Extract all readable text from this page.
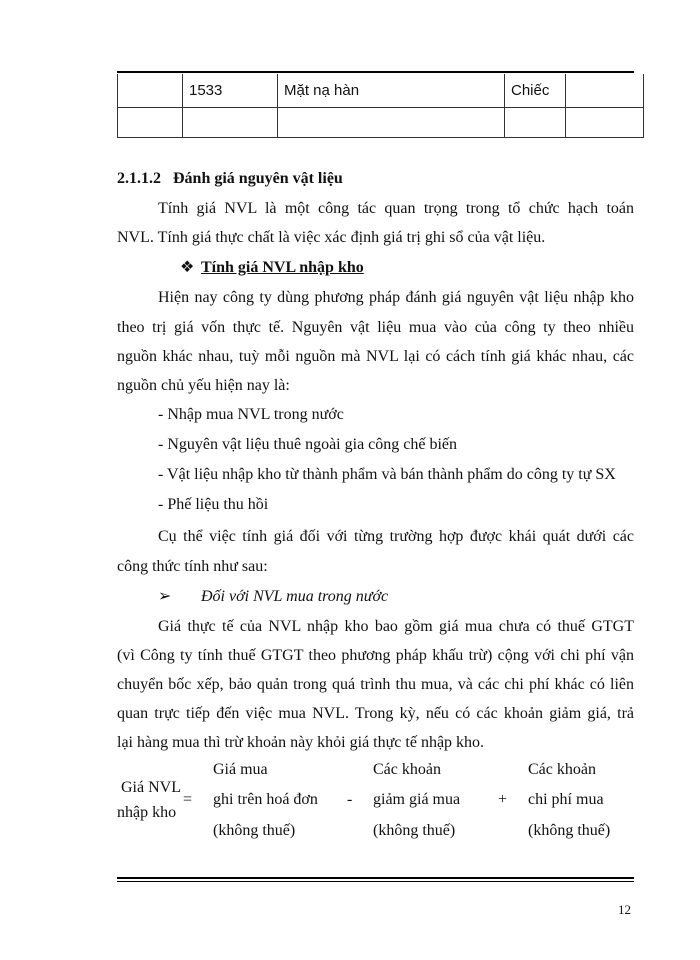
	1533	Mặt nạ hàn	Chiếc	

2.1.1.2 Đánh giá nguyên vật liệu
Tính giá NVL là một công tác quan trọng trong tổ chức hạch toán
NVL. Tính giá thực chất là việc xác định giá trị ghi sổ của vật liệu.
❖ Tính giá NVL nhập kho
Hiện nay công ty dùng phương pháp đánh giá nguyên vật liệu nhập kho
theo trị giá vốn thực tế. Nguyên vật liệu mua vào của công ty theo nhiều
nguồn khác nhau, tuỳ mỗi nguồn mà NVL lại có cách tính giá khác nhau, các
nguồn chủ yếu hiện nay là:
- Nhập mua NVL trong nước
- Nguyên vật liệu thuê ngoài gia công chế biến
- Vật liệu nhập kho từ thành phẩm và bán thành phẩm do công ty tự SX
- Phế liệu thu hồi
Cụ thể việc tính giá đối với từng trường hợp được khái quát dưới các
công thức tính như sau:
➢ Đối với NVL mua trong nước
Giá thực tế của NVL nhập kho bao gồm giá mua chưa có thuế GTGT
(vì Công ty tính thuế GTGT theo phương pháp khấu trừ) cộng với chi phí vận
chuyển bốc xếp, bảo quản trong quá trình thu mua, và các chi phí khác có liên
quan trực tiếp đến việc mua NVL. Trong kỳ, nếu có các khoản giảm giá, trả
lại hàng mua thì trừ khoản này khỏi giá thực tế nhập kho.
Giá NVL
nhập kho
=
Giá mua
ghi trên hoá đơn
(không thuế)
-
Các khoản
giảm giá mua
(không thuế)
+
Các khoản
chi phí mua
(không thuế)
12
